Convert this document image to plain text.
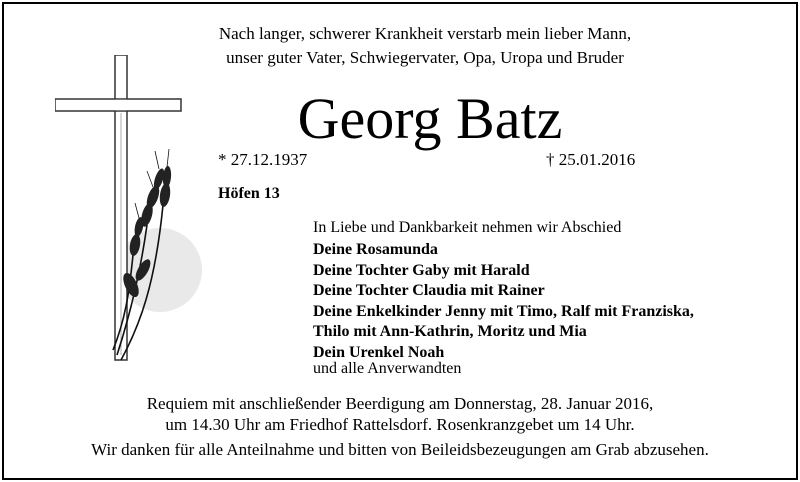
Nach langer, schwerer Krankheit verstarb mein lieber Mann,
unser guter Vater, Schwiegervater, Opa, Uropa und Bruder
Georg Batz
* 27.12.1937	† 25.01.2016
Höfen 13
In Liebe und Dankbarkeit nehmen wir Abschied
Deine Rosamunda
Deine Tochter Gaby mit Harald
Deine Tochter Claudia mit Rainer
Deine Enkelkinder Jenny mit Timo, Ralf mit Franziska,
Thilo mit Ann-Kathrin, Moritz und Mia
Dein Urenkel Noah
und alle Anverwandten
Requiem mit anschließender Beerdigung am Donnerstag, 28. Januar 2016,
um 14.30 Uhr am Friedhof Rattelsdorf. Rosenkranzgebet um 14 Uhr.
Wir danken für alle Anteilnahme und bitten von Beileidsbezeugungen am Grab abzusehen.
